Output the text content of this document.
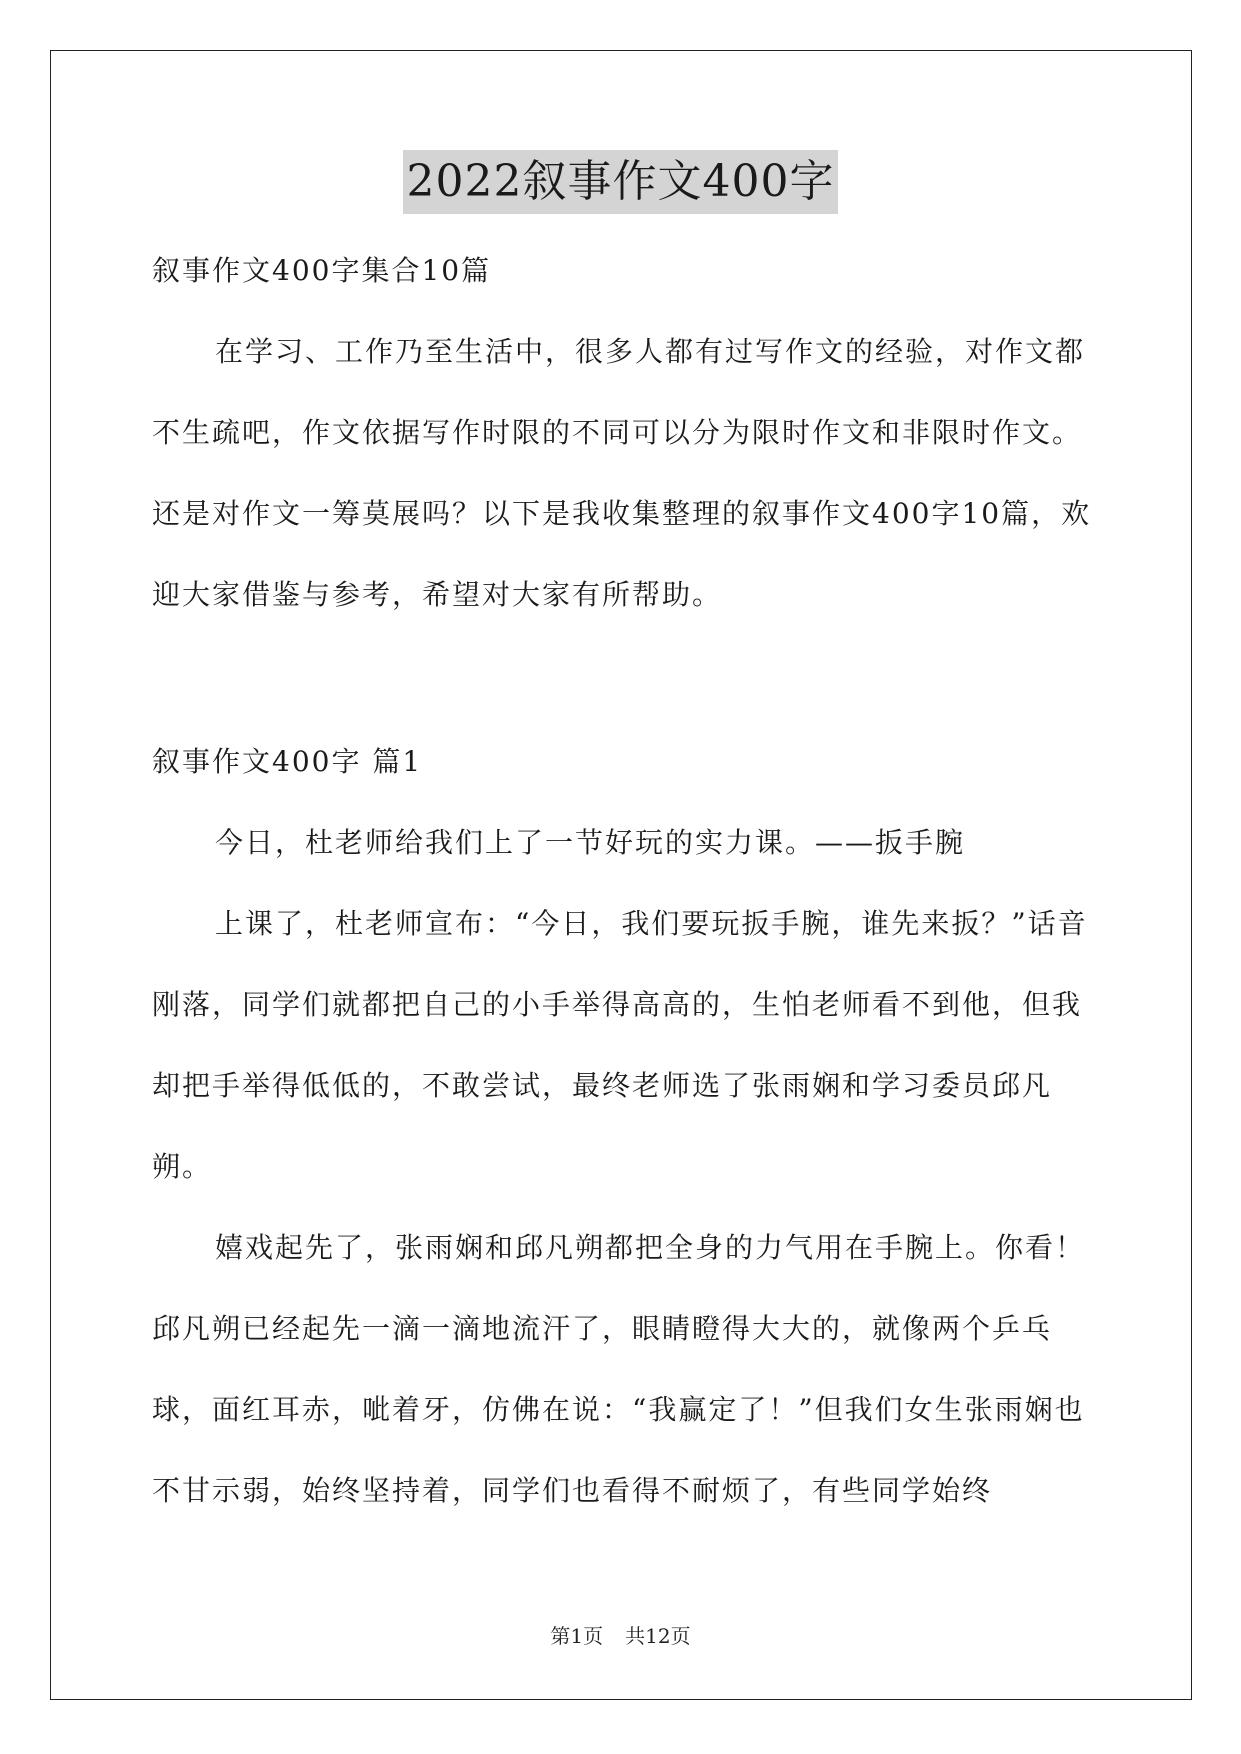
2022叙事作文400字

叙事作文400字集合10篇

在学习、工作乃至生活中，很多人都有过写作文的经验，对作文都不生疏吧，作文依据写作时限的不同可以分为限时作文和非限时作文。还是对作文一筹莫展吗？以下是我收集整理的叙事作文400字10篇，欢迎大家借鉴与参考，希望对大家有所帮助。

叙事作文400字 篇1

今日，杜老师给我们上了一节好玩的实力课。——扳手腕

上课了，杜老师宣布：“今日，我们要玩扳手腕，谁先来扳？”话音刚落，同学们就都把自己的小手举得高高的，生怕老师看不到他，但我却把手举得低低的，不敢尝试，最终老师选了张雨娴和学习委员邱凡朔。

嬉戏起先了，张雨娴和邱凡朔都把全身的力气用在手腕上。你看！邱凡朔已经起先一滴一滴地流汗了，眼睛瞪得大大的，就像两个乒乓球，面红耳赤，呲着牙，仿佛在说：“我赢定了！”但我们女生张雨娴也不甘示弱，始终坚持着，同学们也看得不耐烦了，有些同学始终

第1页 共12页
